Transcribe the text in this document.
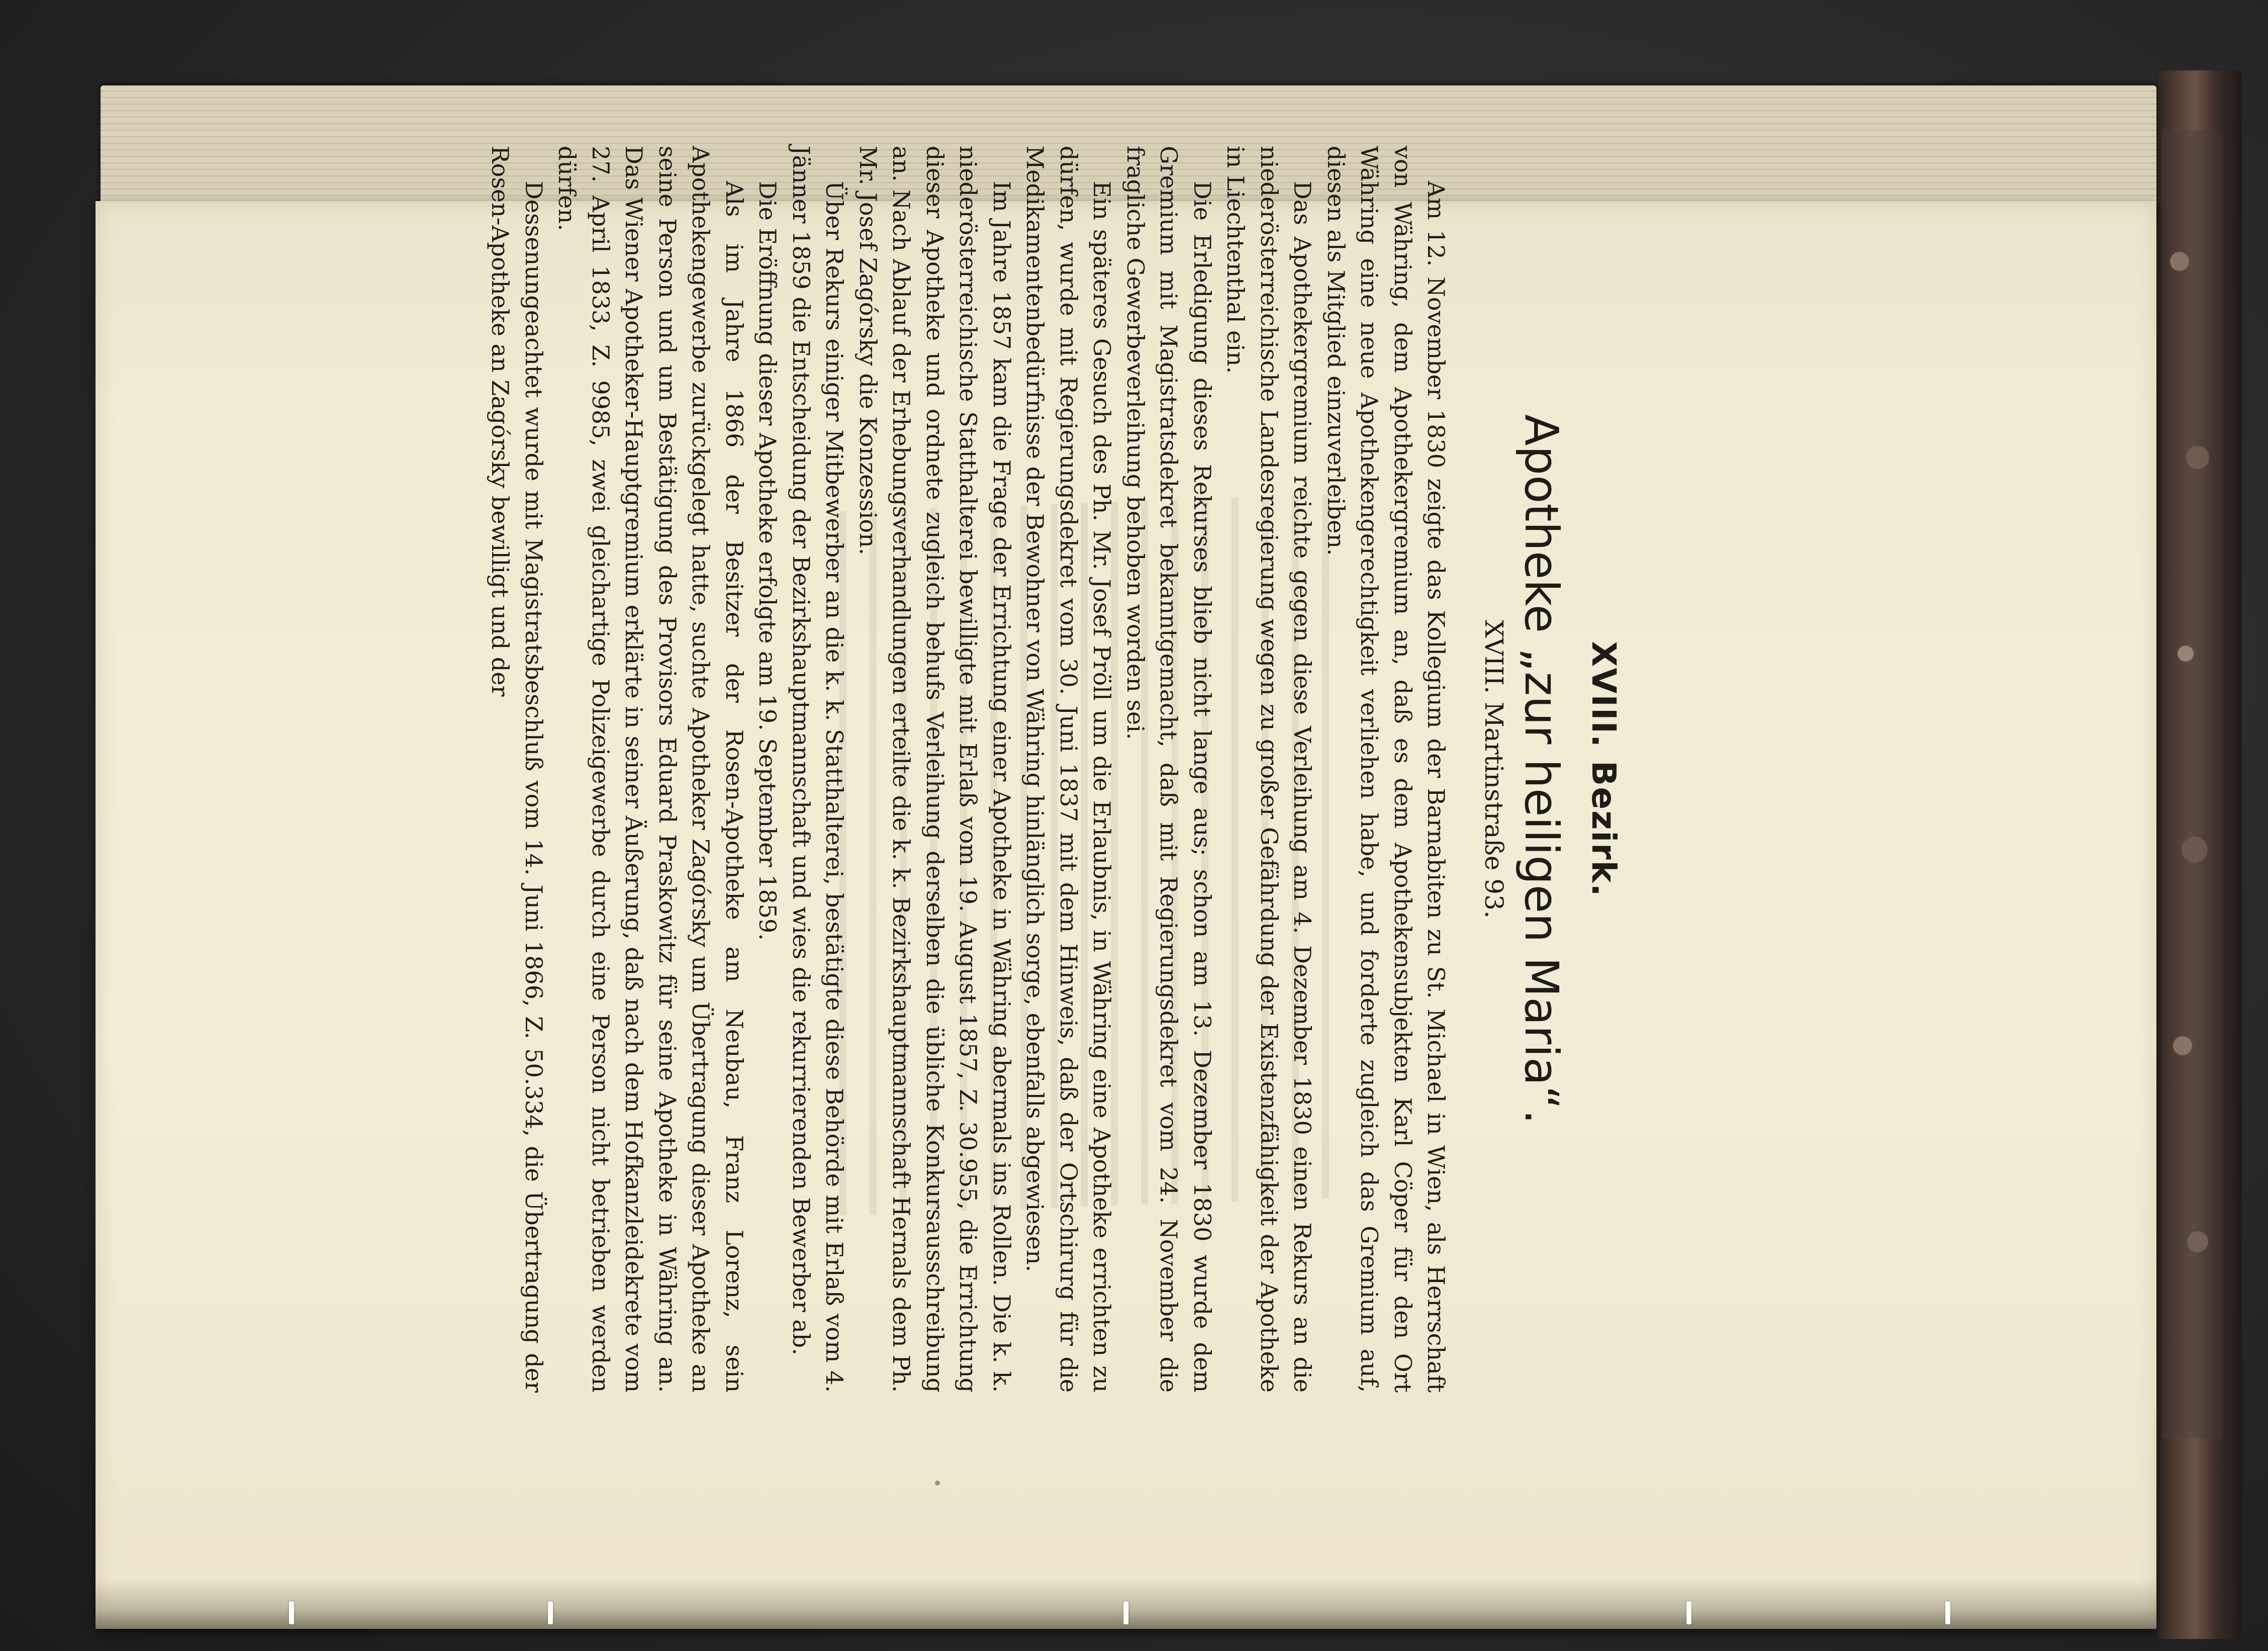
XVIII. Bezirk.
Apotheke „zur heiligen Maria“.
XVIII. Martinstraße 93.

Am 12. November 1830 zeigte das Kollegium der Barnabiten zu St. Michael in Wien, als Herrschaft von Währing, dem Apothekergremium an, daß es dem Apothekensubjekten Karl Cöper für den Ort Währing eine neue Apothekengerechtigkeit verliehen habe, und forderte zugleich das Gremium auf, diesen als Mitglied einzuverleiben.

Das Apothekergremium reichte gegen diese Verleihung am 4. Dezember 1830 einen Rekurs an die niederösterreichische Landesregierung wegen zu großer Gefährdung der Existenzfähigkeit der Apotheke in Liechtenthal ein.

Die Erledigung dieses Rekurses blieb nicht lange aus; schon am 13. Dezember 1830 wurde dem Gremium mit Magistratsdekret bekanntgemacht, daß mit Regierungsdekret vom 24. November die fragliche Gewerbeverleihung behoben worden sei.

Ein späteres Gesuch des Ph. Mr. Josef Pröll um die Erlaubnis, in Währing eine Apotheke errichten zu dürfen, wurde mit Regierungsdekret vom 30. Juni 1837 mit dem Hinweis, daß der Ortschirurg für die Medikamentenbedürfnisse der Bewohner von Währing hinlänglich sorge, ebenfalls abgewiesen.

Im Jahre 1857 kam die Frage der Errichtung einer Apotheke in Währing abermals ins Rollen. Die k. k. niederösterreichische Statthalterei bewilligte mit Erlaß vom 19. August 1857, Z. 30.955, die Errichtung dieser Apotheke und ordnete zugleich behufs Verleihung derselben die übliche Konkursausschreibung an. Nach Ablauf der Erhebungsverhandlungen erteilte die k. k. Bezirkshauptmannschaft Hernals dem Ph. Mr. Josef Zagórsky die Konzession.

Über Rekurs einiger Mitbewerber an die k. k. Statthalterei, bestätigte diese Behörde mit Erlaß vom 4. Jänner 1859 die Entscheidung der Bezirkshauptmannschaft und wies die rekurrierenden Bewerber ab.

Die Eröffnung dieser Apotheke erfolgte am 19. September 1859.

Als im Jahre 1866 der Besitzer der Rosen-Apotheke am Neubau, Franz Lorenz, sein Apothekengewerbe zurückgelegt hatte, suchte Apotheker Zagórsky um Übertragung dieser Apotheke an seine Person und um Bestätigung des Provisors Eduard Praskowitz für seine Apotheke in Währing an. Das Wiener Apotheker-Hauptgremium erklärte in seiner Äußerung, daß nach dem Hofkanzleidekrete vom 27. April 1833, Z. 9985, zwei gleichartige Polizeigewerbe durch eine Person nicht betrieben werden dürfen.

Dessenungeachtet wurde mit Magistratsbeschluß vom 14. Juni 1866, Z. 50.334, die Übertragung der Rosen-Apotheke an Zagórsky bewilligt und der
